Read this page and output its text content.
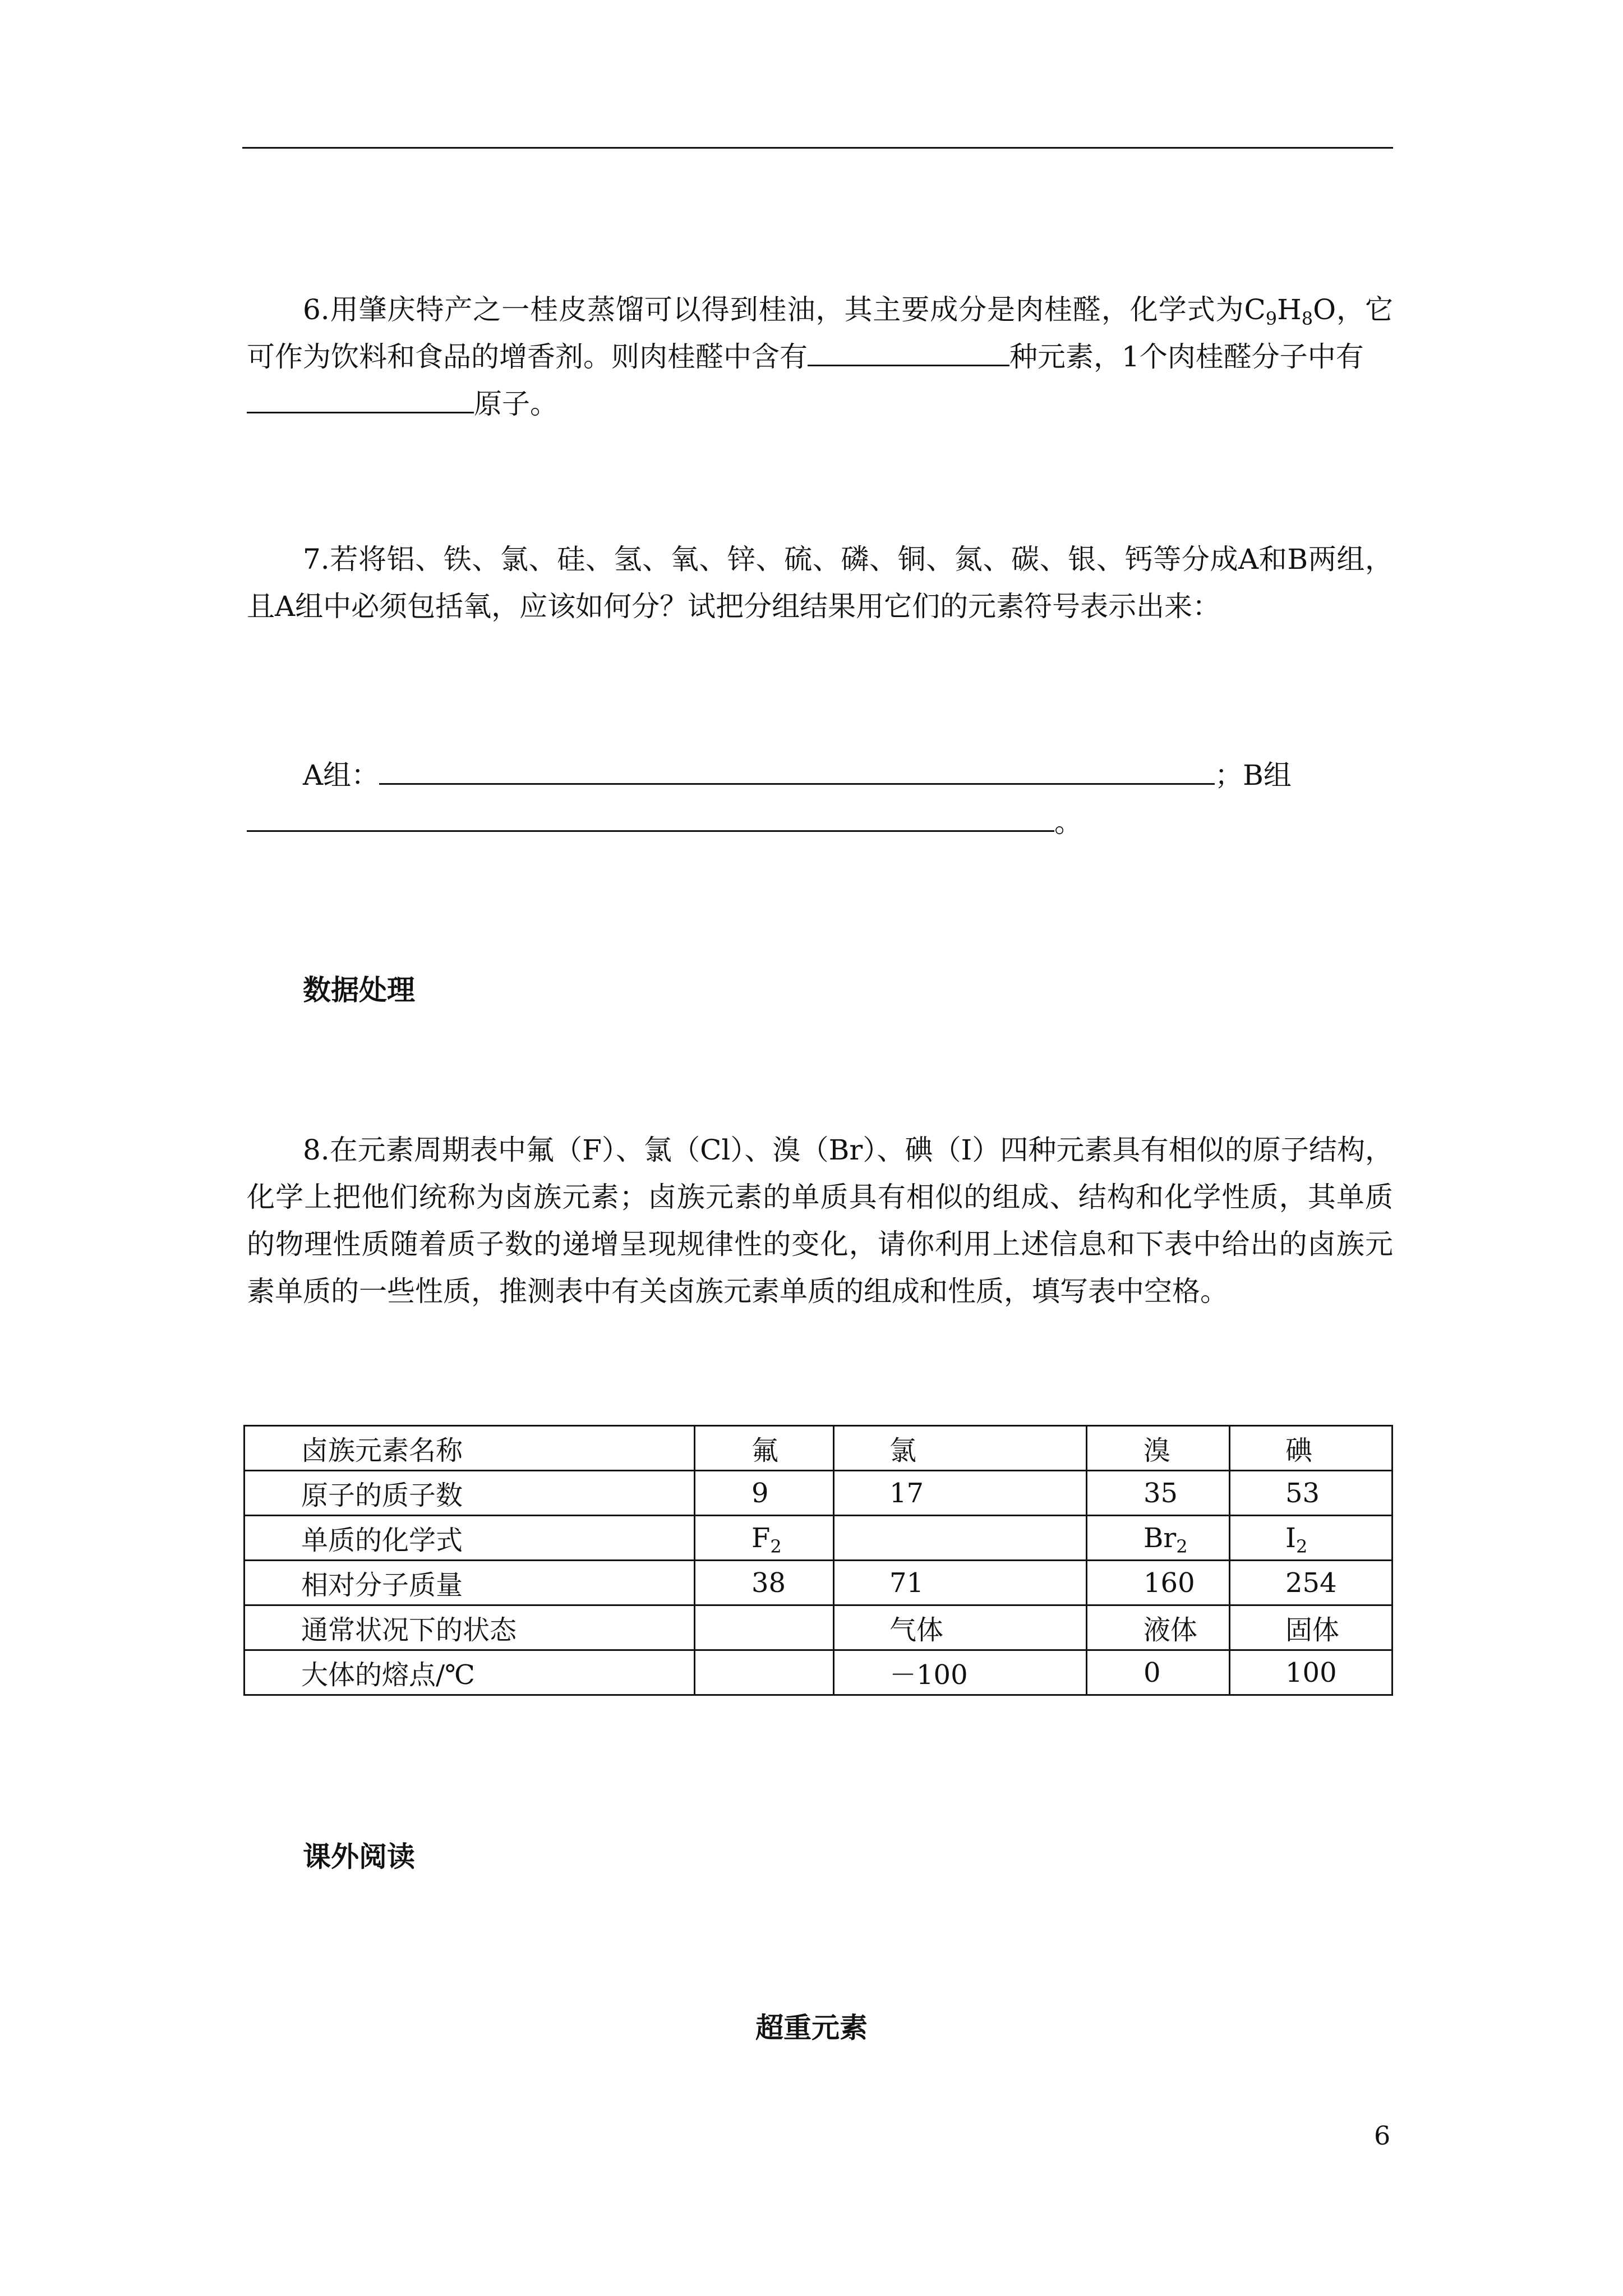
6.用肇庆特产之一桂皮蒸馏可以得到桂油，其主要成分是肉桂醛，化学式为$C_9H_8O$，它可作为饮料和食品的增香剂。则肉桂醛中含有	种元素，1个肉桂醛分子中有
原子。

7.若将铝、铁、氯、硅、氢、氧、锌、硫、磷、铜、氮、碳、银、钙等分成A和B两组，且A组中必须包括氧，应该如何分？试把分组结果用它们的元素符号表示出来：

A组：	；B组
。

数据处理

8.在元素周期表中氟（F）、氯（Cl）、溴（Br）、碘（I）四种元素具有相似的原子结构，化学上把他们统称为卤族元素；卤族元素的单质具有相似的组成、结构和化学性质，其单质的物理性质随着质子数的递增呈现规律性的变化，请你利用上述信息和下表中给出的卤族元素单质的一些性质，推测表中有关卤族元素单质的组成和性质，填写表中空格。

卤族元素名称	氟	氯	溴	碘
原子的质子数	9	17	35	53
单质的化学式	$F_2$		$Br_2$	$I_2$
相对分子质量	38	71	160	254
通常状况下的状态		气体	液体	固体
大体的熔点/℃		－100	0	100

课外阅读

超重元素

6
